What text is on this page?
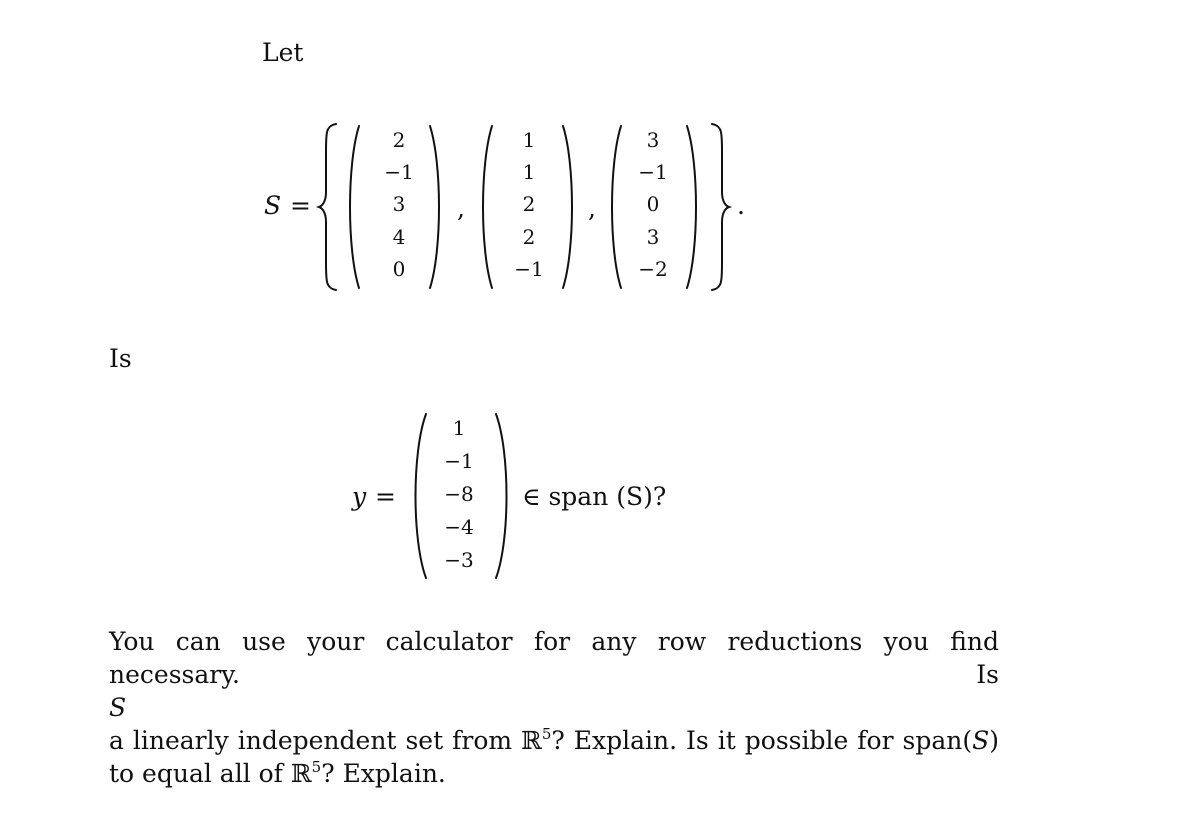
Let
S =
2
−1
3
4
0
,
1
1
2
2
−1
,
3
−1
0
3
−2
.
Is
y =
1
−1
−8
−4
−3
∈ span (S)?
You can use your calculator for any row reductions you find necessary. Is
S a linearly independent set from ℝ$^5$? Explain. Is it possible for span(S)
to equal all of ℝ$^5$? Explain.
